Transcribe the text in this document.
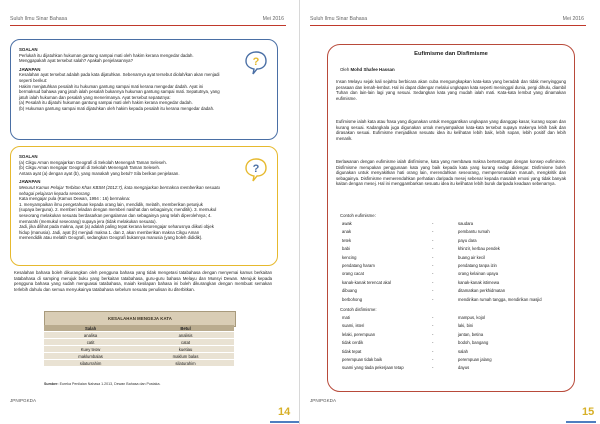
Suluh Ilmu Sinar Bahasa	Mei 2016
SOALAN
Perlukah itu dijatuhkan hukuman gantung sampai mati oleh hakim kerana mengedar dadah.
Menggapakah ayat tersebut salah? Apakah penjelasannya?
JAWAPAN
Kesalahan ayat tersebut adalah pada kata dijatuhkan. Sebenarnya ayat tersebut diolah/kan akan menjadi
seperti berikut:
Hakim menjatuhkan pesalah itu hukuman gantung sampai mati kerana mengedar dadah. Ayat ini
bermaksud bahawa yang jatuh ialah pesalah bukannya hukuman gantung sampai mati. Sepatutnya, yang
jatuh ialah hukuman dan pesalah yang menerimanya. Ayat tersebut sepatutnya:
(a) Pesalah itu dijatuhi hukuman gantung sampai mati oleh hakim kerana mengedar dadah.
(b) Hukuman gantung sampai mati dijatuhkan oleh hakim kepada pesalah itu kerana mengedar dadah.
?
SOALAN
(a) Cikgu Aman mengajarkan Geografi di Sekolah Menengah Taman Seleseh.
(b) Cikgu Aman mengajar Geografi di Sekolah Menengah Taman Seleseh.
Antara ayat (a) dengan ayat (b), yang manakah yang betul? Sila berikan penjelasan.
JAWAPAN
Menurut Kamus Pelajar Terbitan Khas KBSM (2012:7), kata mengajarkan bermakna memberikan sesuatu
sebagai pelajaran kepada seseorang.
Kata mengajar pula (Kamus Dewan, 1994 : 16) bermakna:
1. menyampaikan ilmu pengetahuan kepada orang lain, mendidik, melatih, memberikan petunjuk
(supaya berguna). 2. memberi teladan dengan memberi nasihat dan sebagainya; menditik). 3. memukul
seseorang melakukan sesuatu berdasarkan pengalaman dan sebagainya yang telah diperolehnya; 4.
memarahi (memukul seseorang) supaya jera (tidak melakukan sesuatu).
Jadi, jika dilihat pada makna, ayat (a) adalah paling tepat kerana ketorengajar seharusnya diikuti objek
hidup (manusia). Jadi, ayat (b) menjadi makna 1. dan 2, akan memberikan makna Cikgu Aman
memendidik atau melatih Geografi, sedangkan Geografi bukannya manusia (yang boleh dididik).
?
Kesalahan bahasa boleh dikurangkan oleh pengguna bahasa yang tidak mengetasi tatabahasa dengan menyemai kamus berkaitan tatabahasa di samping merujuk buku yang berkaitan tatabahasa, guru-guru bahasa Melayu dan Munsyi Dewan. Merujuk kepada pengguna bahasa yang sudah menguasai tatabahasa, maiah kesilapan bahasa ini boleh dikurangkan dengan membuat semakan terlebih dahulu dan semua menyukainya tatabahasa sebelum sesuatu penulisan itu diterbitkan.
KESALAHAN MENGEJA KATA
Salah	Betul
analisa	analisis
catit	catat
Kuey teow	kuetiau
maklumbalas	maklum balas
silaturrahim	silaturahim
Sumber: Eureka Penilaian Nahasa 1.2013, Dewan Bahasa dan Pustaka.
JPNIPGKDA
14
Suluh Ilmu Sinar Bahasa	Mei 2016
Eufimisme dan Disfimisme
Oleh Mohd Shafee Hassan
Insan Melayu sejak kali sejahtu berbicara akan cuba mengungkapkan kata-kata yang beradab dan tidak menyinggung perasaan dan lemah-lembut. Hal ini dapat didengar melalui ungkapan kata seperti meninggal dunia, pergi dihulu, diambil Tuhan dan lain-lain lagi yang sesuai. Sedangkan kata yang mudah ialah mati. Kata-kata lembut yang dinamakan eufimisme.
Eufimisme ialah kata atau frasa yang digunakan untuk menggantikan ungkapan yang dianggap kasar, kurang sopan dan kurang sesuai. Kadangkala juga digunakan untuk menyampaikan kata-kata tersebut supaya makenya lebih baik dan dirasakan sesuai. Eufimisme menjadikan sesuatu idea itu kelihatan lebih baik, lebih sopan, lebih positif dan lebih menarik.
Berlawanan dengan eufimisme ialah disfimisme, kata yang membawa makna bertentangan dengan konsep eufimisme. Disfimisme merupakan penggunaan kata yang baik kepada kata yang kurang sedap didengar. Disfimisme boleh digunakan untuk menyakitkan hati orang lain, merendahkan seseorang, mempersendakan maruah, mengkritik dan sebagainya. Disfimisme memerendahkan perhatian daripada mesej sebenar kepada masalah emosi yang tidak banyak kaitan dengan mesej. Hal ini menggambarkan sesuatu idea itu kelihatan lebih buruk daripada keadaan sebenarnya.
Contoh eufimisme:
awak	-	saudara
anak	-	pembantu rumah
tetek	-	payu dara
babi	-	khinzir, kerbau pendek
kencing	-	buang air kecil
pendatang haram	-	pendatang tanpa izin
orang cacat	-	orang kelainan upaya
kanak-kanak terencat akal	-	kanak-kanak istimewa
dibuang	-	ditamatkan perkhidmatan
berbohong	-	mendirikan rumah tangga, mendirikan masjid
Contoh disfimisme:
mati	-	mampus, kojol
suami, isteri	-	laki, bini
lelaki, perempuan	-	jantan, betina
tidak cerdik	-	bodoh, bangang
tidak tepat	-	salah
perempuan tidak baik	-	perempuan jalang
suami yang tiada pekerjaan tetap	-	dayus
JPNIPGKDA
15
